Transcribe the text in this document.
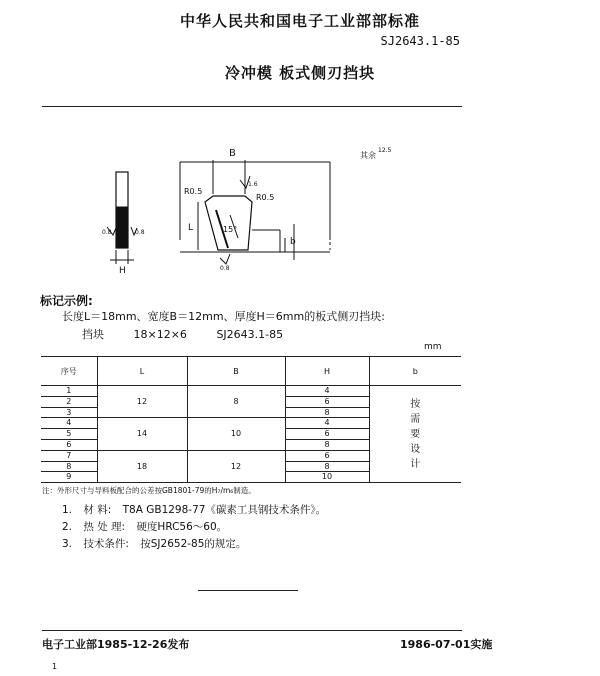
中华人民共和国电子工业部部标准
SJ2643.1-85
冷冲模 板式侧刃挡块
B
H
L
b
R0.5
R0.5
15°
1.6
0.8
0.8	0.8
其余
12.5
标记示例:
长度L＝18mm、宽度B＝12mm、厚度H＝6mm的板式侧刃挡块:
挡块	18×12×6	SJ2643.1-85
mm
序号	L	B	H	b
1	12	8	4	按
需
要
设
计

2			6	
3			8	
4	14	10	4	
5			6	
6			8	
7	18	12	6	
8			8	
9			10	
注：外形尺寸与导料板配合的公差按GB1801-79的H₇/m₆制造。
1. 材 料: T8A GB1298-77《碳素工具钢技术条件》。
2. 热 处 理: 硬度HRC56～60。
3. 技术条件: 按SJ2652-85的规定。
电子工业部1985-12-26发布	1986-07-01实施
1
